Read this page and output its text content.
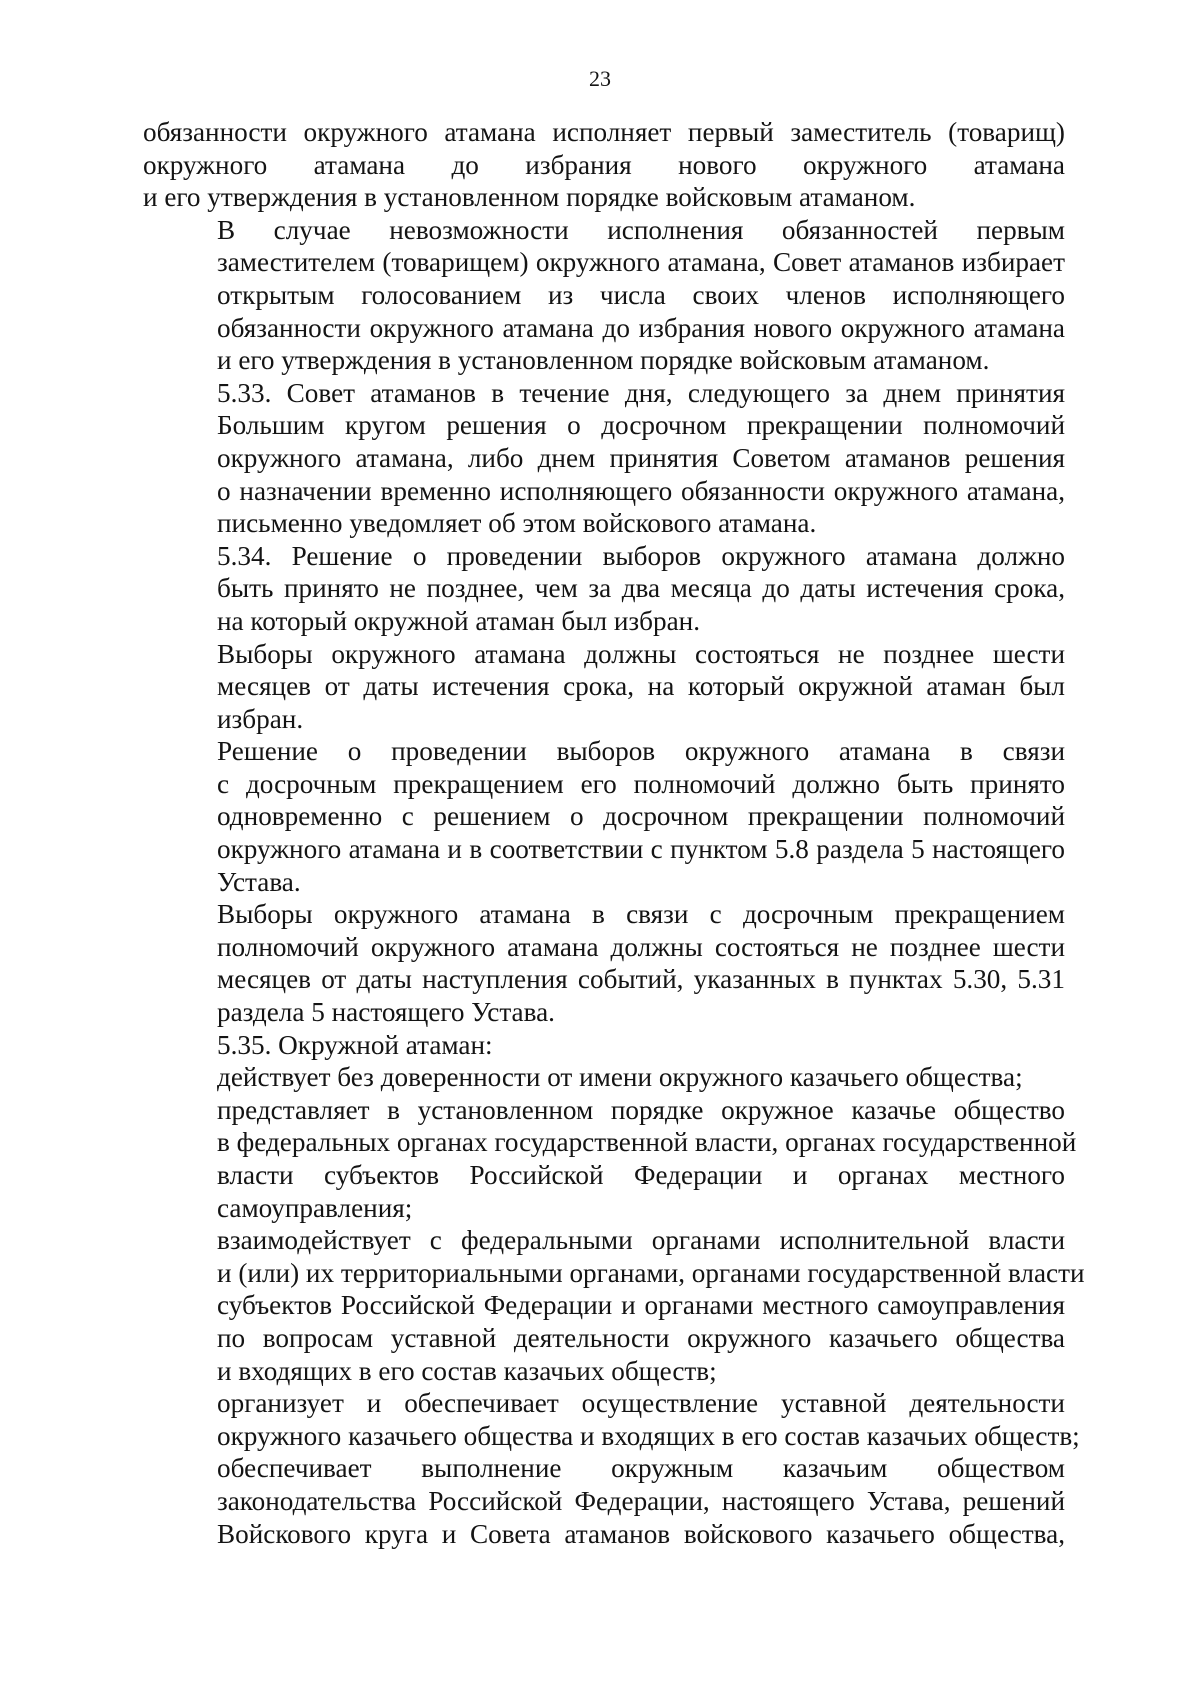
23
обязанности окружного атамана исполняет первый заместитель (товарищ)
окружного атамана до избрания нового окружного атамана
и его утверждения в установленном порядке войсковым атаманом.
В случае невозможности исполнения обязанностей первым
заместителем (товарищем) окружного атамана, Совет атаманов избирает
открытым голосованием из числа своих членов исполняющего
обязанности окружного атамана до избрания нового окружного атамана
и его утверждения в установленном порядке войсковым атаманом.
5.33. Совет атаманов в течение дня, следующего за днем принятия
Большим кругом решения о досрочном прекращении полномочий
окружного атамана, либо днем принятия Советом атаманов решения
о назначении временно исполняющего обязанности окружного атамана,
письменно уведомляет об этом войскового атамана.
5.34. Решение о проведении выборов окружного атамана должно
быть принято не позднее, чем за два месяца до даты истечения срока,
на который окружной атаман был избран.
Выборы окружного атамана должны состояться не позднее шести
месяцев от даты истечения срока, на который окружной атаман был
избран.
Решение о проведении выборов окружного атамана в связи
с досрочным прекращением его полномочий должно быть принято
одновременно с решением о досрочном прекращении полномочий
окружного атамана и в соответствии с пунктом 5.8 раздела 5 настоящего
Устава.
Выборы окружного атамана в связи с досрочным прекращением
полномочий окружного атамана должны состояться не позднее шести
месяцев от даты наступления событий, указанных в пунктах 5.30, 5.31
раздела 5 настоящего Устава.
5.35. Окружной атаман:
действует без доверенности от имени окружного казачьего общества;
представляет в установленном порядке окружное казачье общество
в федеральных органах государственной власти, органах государственной
власти субъектов Российской Федерации и органах местного
самоуправления;
взаимодействует с федеральными органами исполнительной власти
и (или) их территориальными органами, органами государственной власти
субъектов Российской Федерации и органами местного самоуправления
по вопросам уставной деятельности окружного казачьего общества
и входящих в его состав казачьих обществ;
организует и обеспечивает осуществление уставной деятельности
окружного казачьего общества и входящих в его состав казачьих обществ;
обеспечивает выполнение окружным казачьим обществом
законодательства Российской Федерации, настоящего Устава, решений
Войскового круга и Совета атаманов войскового казачьего общества,
